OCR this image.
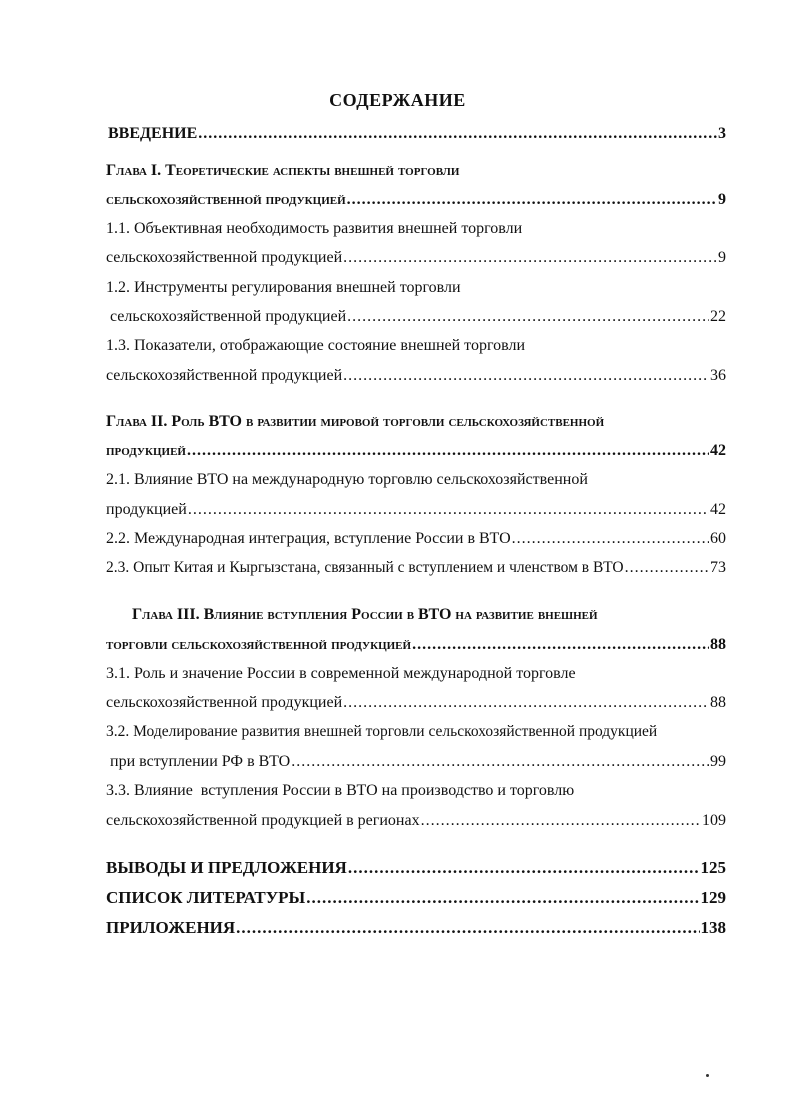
СОДЕРЖАНИЕ
ВВЕДЕНИЕ .....	3
Глава I. Теоретические аспекты внешней торговли
сельскохозяйственной продукцией .....	9
1.1. Объективная необходимость развития внешней торговли
сельскохозяйственной продукцией .....	9
1.2. Инструменты регулирования внешней торговли
сельскохозяйственной продукцией .....	22
1.3. Показатели, отображающие состояние внешней торговли
сельскохозяйственной продукцией .....	36
Глава II. Роль ВТО в развитии мировой торговли сельскохозяйственной
продукцией .....	42
2.1. Влияние ВТО на международную торговлю сельскохозяйственной
продукцией .....	42
2.2. Международная интеграция, вступление России в ВТО .....	60
2.3. Опыт Китая и Кыргызстана, связанный с вступлением и членством в ВТО .....	73
Глава III. Влияние вступления России в ВТО на развитие внешней
торговли сельскохозяйственной продукцией .....	88
3.1. Роль и значение России в современной международной торговле
сельскохозяйственной продукцией .....	88
3.2. Моделирование развития внешней торговли сельскохозяйственной продукцией
при вступлении РФ в ВТО .....	99
3.3. Влияние  вступления России в ВТО на производство и торговлю
сельскохозяйственной продукцией в регионах .....	109
ВЫВОДЫ И ПРЕДЛОЖЕНИЯ .....	125
СПИСОК ЛИТЕРАТУРЫ .....	129
ПРИЛОЖЕНИЯ .....	138
